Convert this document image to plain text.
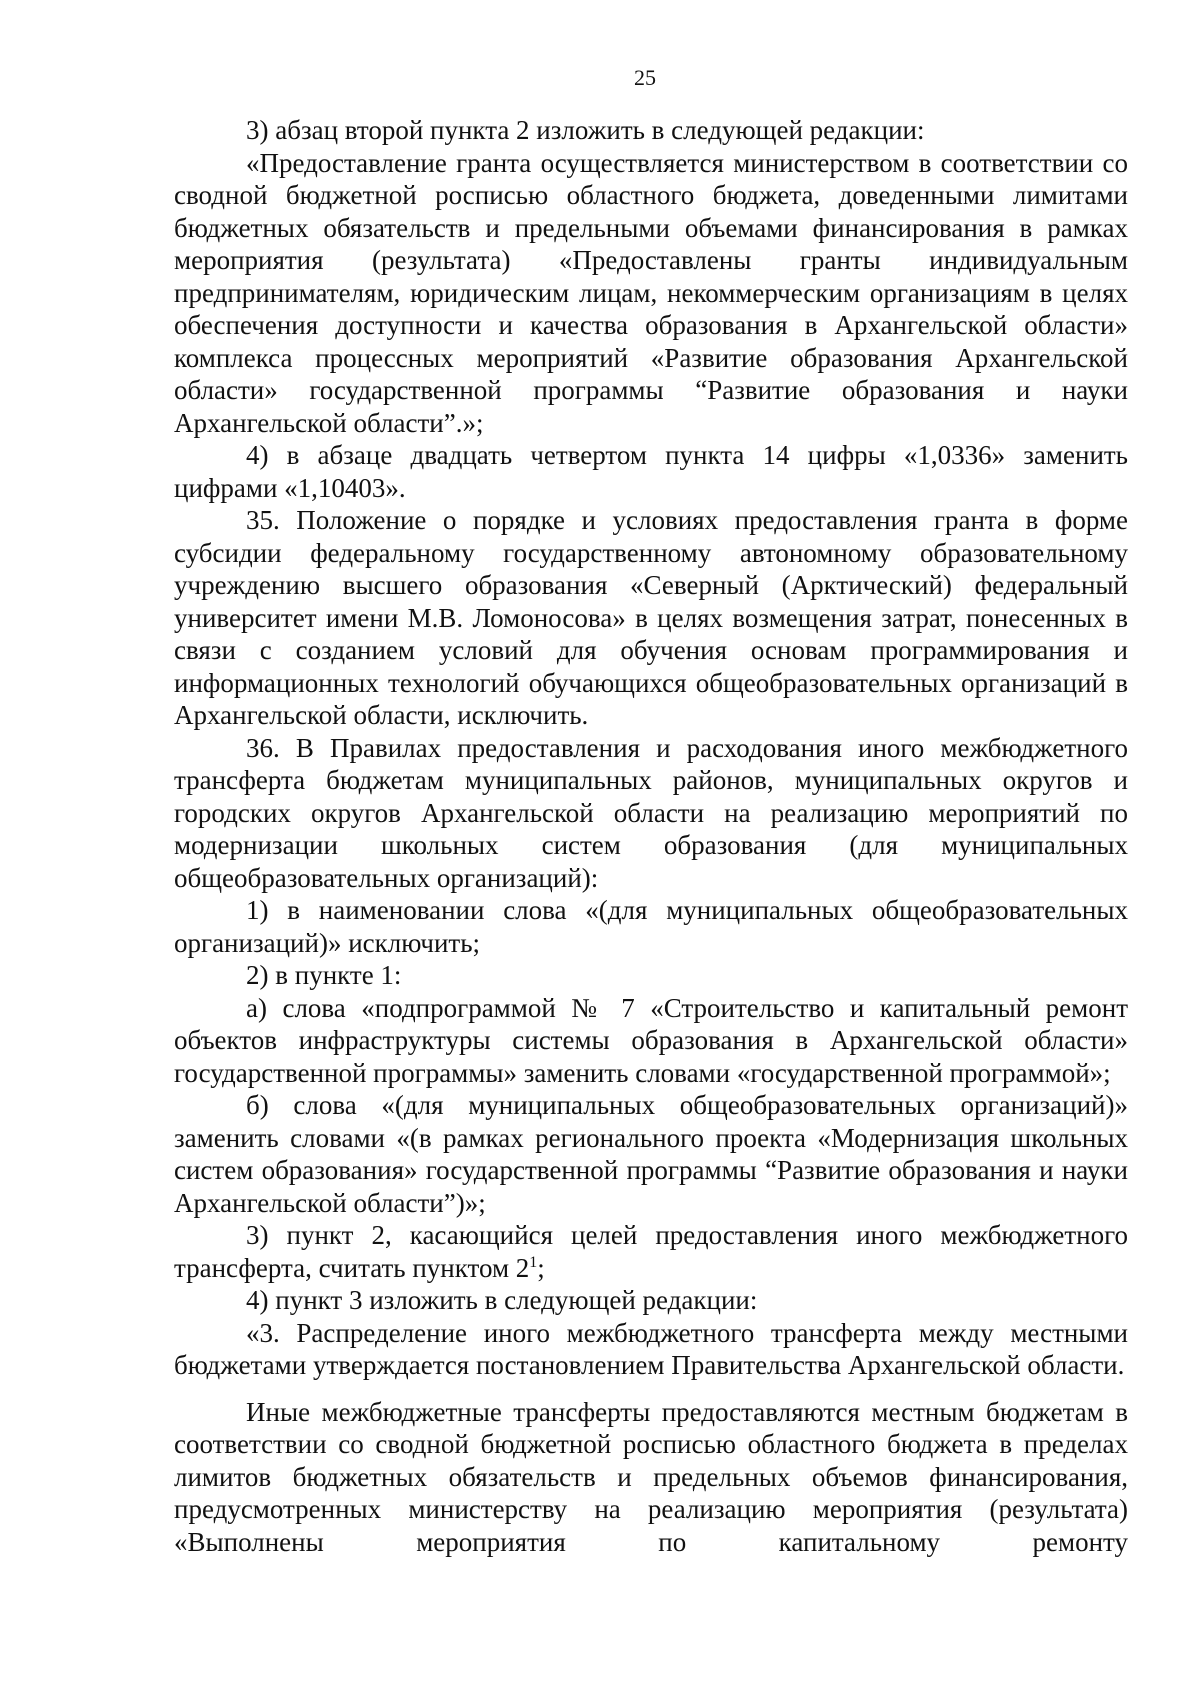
25

3) абзац второй пункта 2 изложить в следующей редакции:

«Предоставление гранта осуществляется министерством в соответствии со сводной бюджетной росписью областного бюджета, доведенными лимитами бюджетных обязательств и предельными объемами финансирования в рамках мероприятия (результата) «Предоставлены гранты индивидуальным предпринимателям, юридическим лицам, некоммерческим организациям в целях обеспечения доступности и качества образования в Архангельской области» комплекса процессных мероприятий «Развитие образования Архангельской области» государственной программы “Развитие образования и науки Архангельской области”.»;

4) в абзаце двадцать четвертом пункта 14 цифры «1,0336» заменить цифрами «1,10403».

35. Положение о порядке и условиях предоставления гранта в форме субсидии федеральному государственному автономному образовательному учреждению высшего образования «Северный (Арктический) федеральный университет имени М.В. Ломоносова» в целях возмещения затрат, понесенных в связи с созданием условий для обучения основам программирования и информационных технологий обучающихся общеобразовательных организаций в Архангельской области, исключить.

36. В Правилах предоставления и расходования иного межбюджетного трансферта бюджетам муниципальных районов, муниципальных округов и городских округов Архангельской области на реализацию мероприятий по модернизации школьных систем образования (для муниципальных общеобразовательных организаций):

1) в наименовании слова «(для муниципальных общеобразовательных организаций)» исключить;

2) в пункте 1:

а) слова «подпрограммой № 7 «Строительство и капитальный ремонт объектов инфраструктуры системы образования в Архангельской области» государственной программы» заменить словами «государственной программой»;

б) слова «(для муниципальных общеобразовательных организаций)» заменить словами «(в рамках регионального проекта «Модернизация школьных систем образования» государственной программы “Развитие образования и науки Архангельской области”)»;

3) пункт 2, касающийся целей предоставления иного межбюджетного трансферта, считать пунктом $2^1$;

4) пункт 3 изложить в следующей редакции:

«3. Распределение иного межбюджетного трансферта между местными бюджетами утверждается постановлением Правительства Архангельской области.

Иные межбюджетные трансферты предоставляются местным бюджетам в соответствии со сводной бюджетной росписью областного бюджета в пределах лимитов бюджетных обязательств и предельных объемов финансирования, предусмотренных министерству на реализацию мероприятия (результата) «Выполнены мероприятия по капитальному ремонту
